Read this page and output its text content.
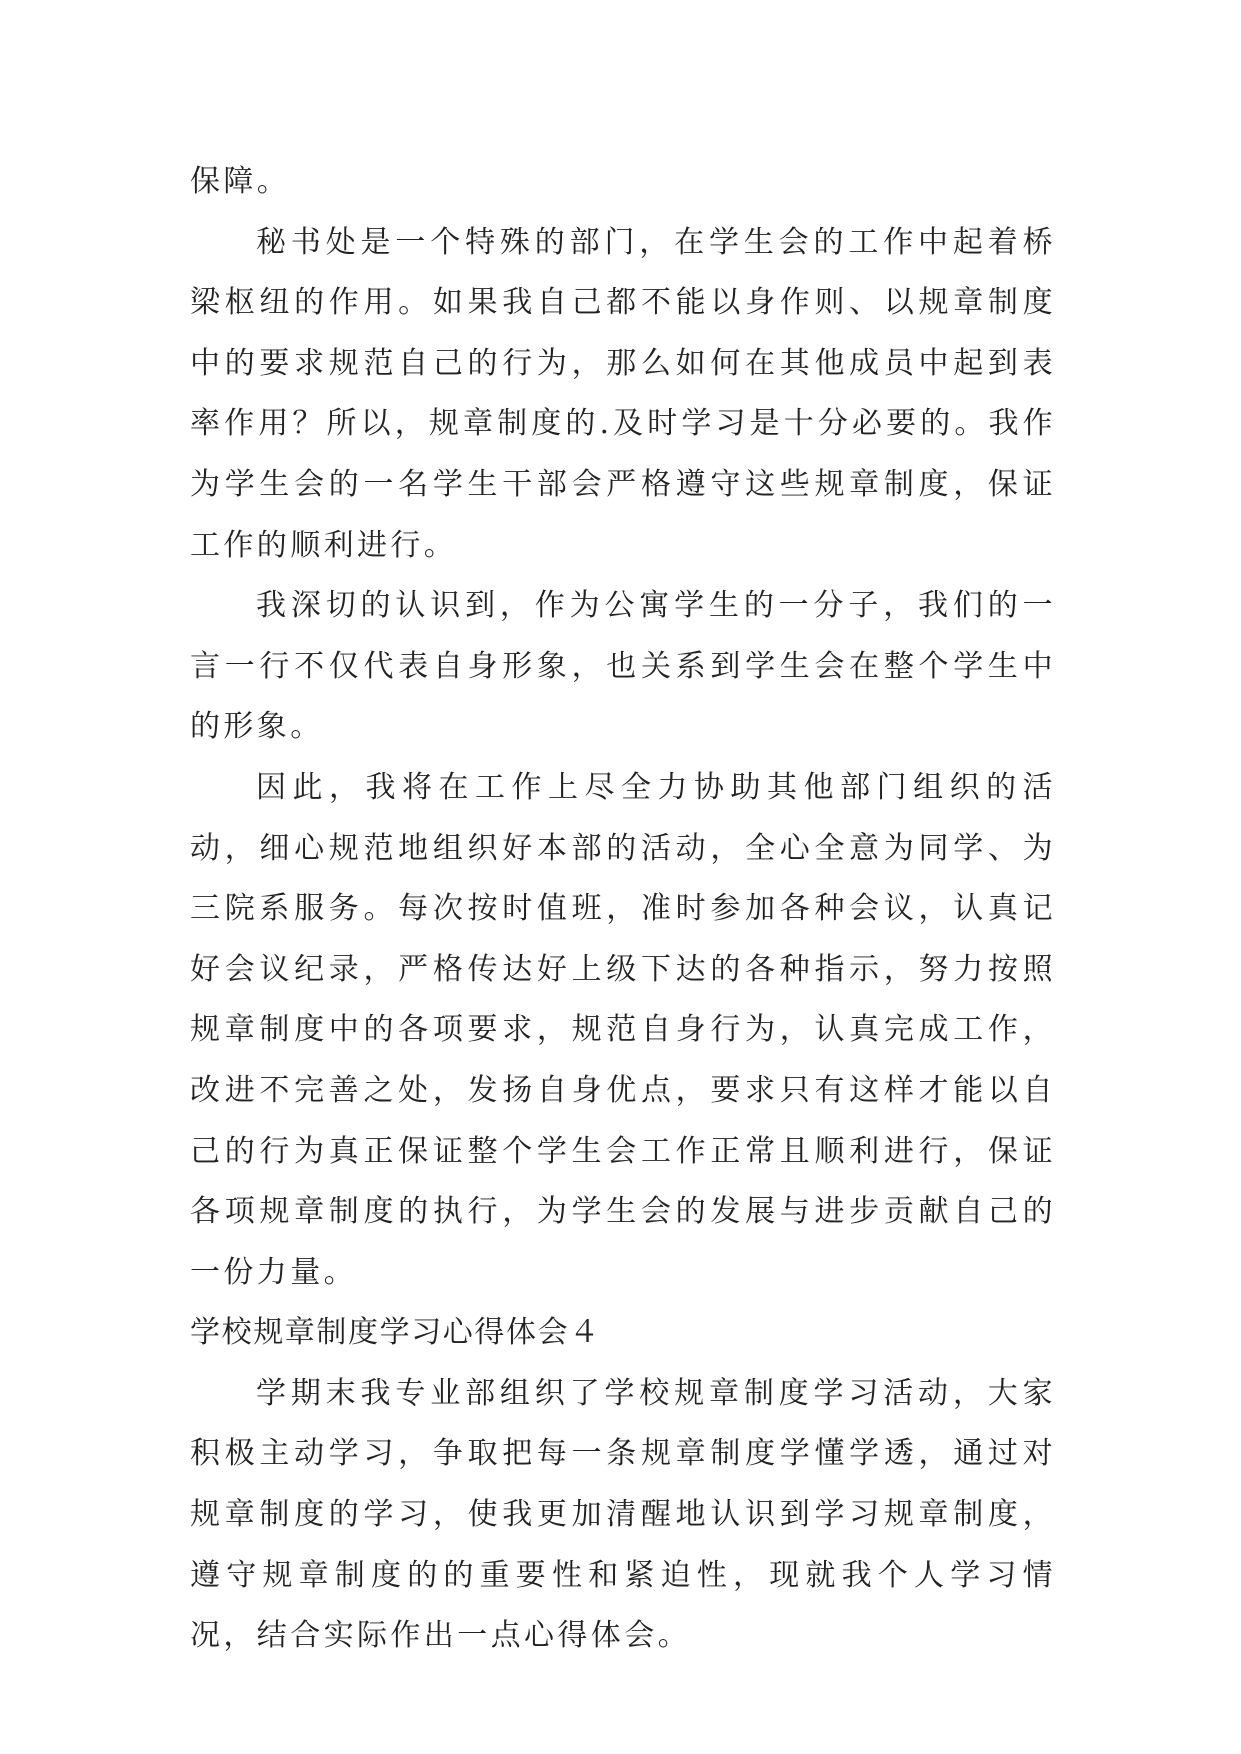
保障。

秘书处是一个特殊的部门，在学生会的工作中起着桥梁枢纽的作用。如果我自己都不能以身作则、以规章制度中的要求规范自己的行为，那么如何在其他成员中起到表率作用？所以，规章制度的.及时学习是十分必要的。我作为学生会的一名学生干部会严格遵守这些规章制度，保证工作的顺利进行。

我深切的认识到，作为公寓学生的一分子，我们的一言一行不仅代表自身形象，也关系到学生会在整个学生中的形象。

因此，我将在工作上尽全力协助其他部门组织的活动，细心规范地组织好本部的活动，全心全意为同学、为三院系服务。每次按时值班，准时参加各种会议，认真记好会议纪录，严格传达好上级下达的各种指示，努力按照规章制度中的各项要求，规范自身行为，认真完成工作，改进不完善之处，发扬自身优点，要求只有这样才能以自己的行为真正保证整个学生会工作正常且顺利进行，保证各项规章制度的执行，为学生会的发展与进步贡献自己的一份力量。

学校规章制度学习心得体会４

学期末我专业部组织了学校规章制度学习活动，大家积极主动学习，争取把每一条规章制度学懂学透，通过对规章制度的学习，使我更加清醒地认识到学习规章制度，遵守规章制度的的重要性和紧迫性，现就我个人学习情况，结合实际作出一点心得体会。
